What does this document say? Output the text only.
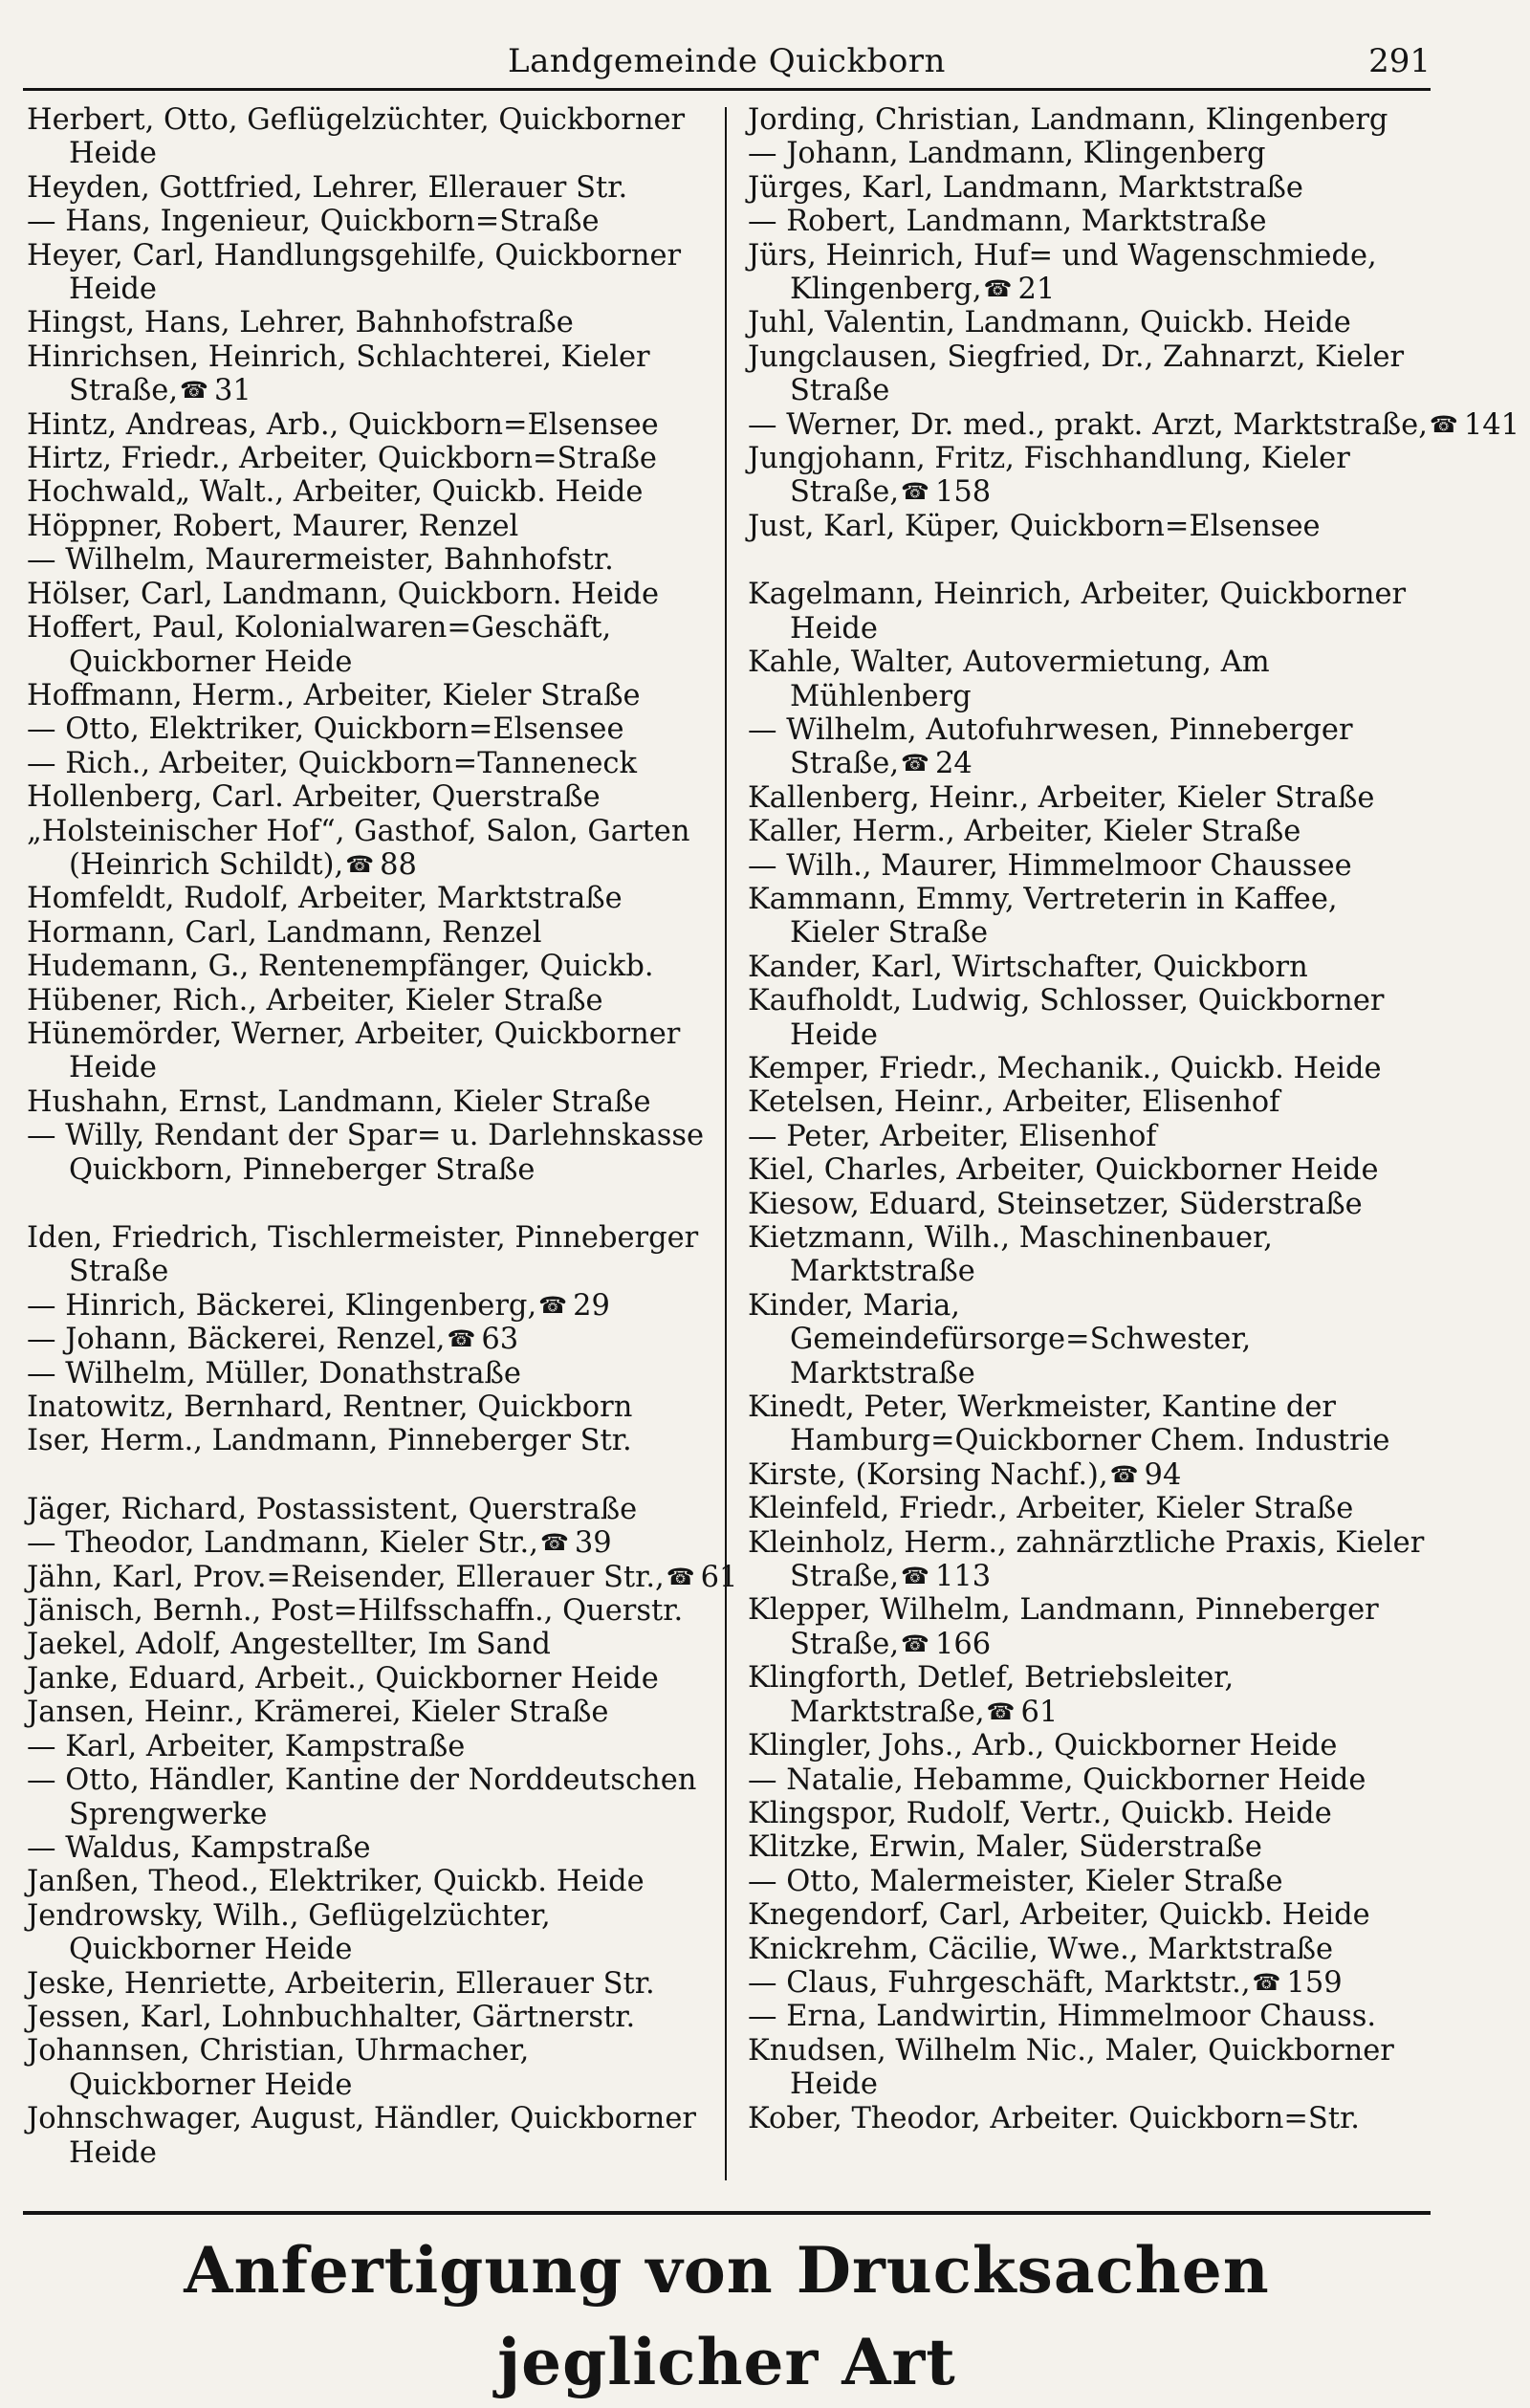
Landgemeinde Quickborn	291
Herbert, Otto, Geflügelzüchter, Quickborner
Heide
Heyden, Gottfried, Lehrer, Ellerauer Str.
— Hans, Ingenieur, Quickborn=Straße
Heyer, Carl, Handlungsgehilfe, Quickborner
Heide
Hingst, Hans, Lehrer, Bahnhofstraße
Hinrichsen, Heinrich, Schlachterei, Kieler
Straße,☎ 31
Hintz, Andreas, Arb., Quickborn=Elsensee
Hirtz, Friedr., Arbeiter, Quickborn=Straße
Hochwald„ Walt., Arbeiter, Quickb. Heide
Höppner, Robert, Maurer, Renzel
— Wilhelm, Maurermeister, Bahnhofstr.
Hölser, Carl, Landmann, Quickborn. Heide
Hoffert, Paul, Kolonialwaren=Geschäft,
Quickborner Heide
Hoffmann, Herm., Arbeiter, Kieler Straße
— Otto, Elektriker, Quickborn=Elsensee
— Rich., Arbeiter, Quickborn=Tanneneck
Hollenberg, Carl. Arbeiter, Querstraße
„Holsteinischer Hof“, Gasthof, Salon, Garten
(Heinrich Schildt),☎ 88
Homfeldt, Rudolf, Arbeiter, Marktstraße
Hormann, Carl, Landmann, Renzel
Hudemann, G., Rentenempfänger, Quickb.
Hübener, Rich., Arbeiter, Kieler Straße
Hünemörder, Werner, Arbeiter, Quickborner
Heide
Hushahn, Ernst, Landmann, Kieler Straße
— Willy, Rendant der Spar= u. Darlehnskasse
Quickborn, Pinneberger Straße
Iden, Friedrich, Tischlermeister, Pinneberger
Straße
— Hinrich, Bäckerei, Klingenberg,☎ 29
— Johann, Bäckerei, Renzel,☎ 63
— Wilhelm, Müller, Donathstraße
Inatowitz, Bernhard, Rentner, Quickborn
Iser, Herm., Landmann, Pinneberger Str.
Jäger, Richard, Postassistent, Querstraße
— Theodor, Landmann, Kieler Str.,☎ 39
Jähn, Karl, Prov.=Reisender, Ellerauer Str.,☎ 61
Jänisch, Bernh., Post=Hilfsschaffn., Querstr.
Jaekel, Adolf, Angestellter, Im Sand
Janke, Eduard, Arbeit., Quickborner Heide
Jansen, Heinr., Krämerei, Kieler Straße
— Karl, Arbeiter, Kampstraße
— Otto, Händler, Kantine der Norddeutschen
Sprengwerke
— Waldus, Kampstraße
Janßen, Theod., Elektriker, Quickb. Heide
Jendrowsky, Wilh., Geflügelzüchter,
Quickborner Heide
Jeske, Henriette, Arbeiterin, Ellerauer Str.
Jessen, Karl, Lohnbuchhalter, Gärtnerstr.
Johannsen, Christian, Uhrmacher,
Quickborner Heide
Johnschwager, August, Händler, Quickborner
Heide
Jording, Christian, Landmann, Klingenberg
— Johann, Landmann, Klingenberg
Jürges, Karl, Landmann, Marktstraße
— Robert, Landmann, Marktstraße
Jürs, Heinrich, Huf= und Wagenschmiede,
Klingenberg,☎ 21
Juhl, Valentin, Landmann, Quickb. Heide
Jungclausen, Siegfried, Dr., Zahnarzt, Kieler
Straße
— Werner, Dr. med., prakt. Arzt, Marktstraße,☎ 141
Jungjohann, Fritz, Fischhandlung, Kieler
Straße,☎ 158
Just, Karl, Küper, Quickborn=Elsensee
Kagelmann, Heinrich, Arbeiter, Quickborner
Heide
Kahle, Walter, Autovermietung, Am
Mühlenberg
— Wilhelm, Autofuhrwesen, Pinneberger
Straße,☎ 24
Kallenberg, Heinr., Arbeiter, Kieler Straße
Kaller, Herm., Arbeiter, Kieler Straße
— Wilh., Maurer, Himmelmoor Chaussee
Kammann, Emmy, Vertreterin in Kaffee,
Kieler Straße
Kander, Karl, Wirtschafter, Quickborn
Kaufholdt, Ludwig, Schlosser, Quickborner
Heide
Kemper, Friedr., Mechanik., Quickb. Heide
Ketelsen, Heinr., Arbeiter, Elisenhof
— Peter, Arbeiter, Elisenhof
Kiel, Charles, Arbeiter, Quickborner Heide
Kiesow, Eduard, Steinsetzer, Süderstraße
Kietzmann, Wilh., Maschinenbauer,
Marktstraße
Kinder, Maria,
Gemeindefürsorge=Schwester,
Marktstraße
Kinedt, Peter, Werkmeister, Kantine der
Hamburg=Quickborner Chem. Industrie
Kirste, (Korsing Nachf.),☎ 94
Kleinfeld, Friedr., Arbeiter, Kieler Straße
Kleinholz, Herm., zahnärztliche Praxis, Kieler
Straße,☎ 113
Klepper, Wilhelm, Landmann, Pinneberger
Straße,☎ 166
Klingforth, Detlef, Betriebsleiter,
Marktstraße,☎ 61
Klingler, Johs., Arb., Quickborner Heide
— Natalie, Hebamme, Quickborner Heide
Klingspor, Rudolf, Vertr., Quickb. Heide
Klitzke, Erwin, Maler, Süderstraße
— Otto, Malermeister, Kieler Straße
Knegendorf, Carl, Arbeiter, Quickb. Heide
Knickrehm, Cäcilie, Wwe., Marktstraße
— Claus, Fuhrgeschäft, Marktstr.,☎ 159
— Erna, Landwirtin, Himmelmoor Chauss.
Knudsen, Wilhelm Nic., Maler, Quickborner
Heide
Kober, Theodor, Arbeiter. Quickborn=Str.
Anfertigung von Drucksachen jeglicher Art
